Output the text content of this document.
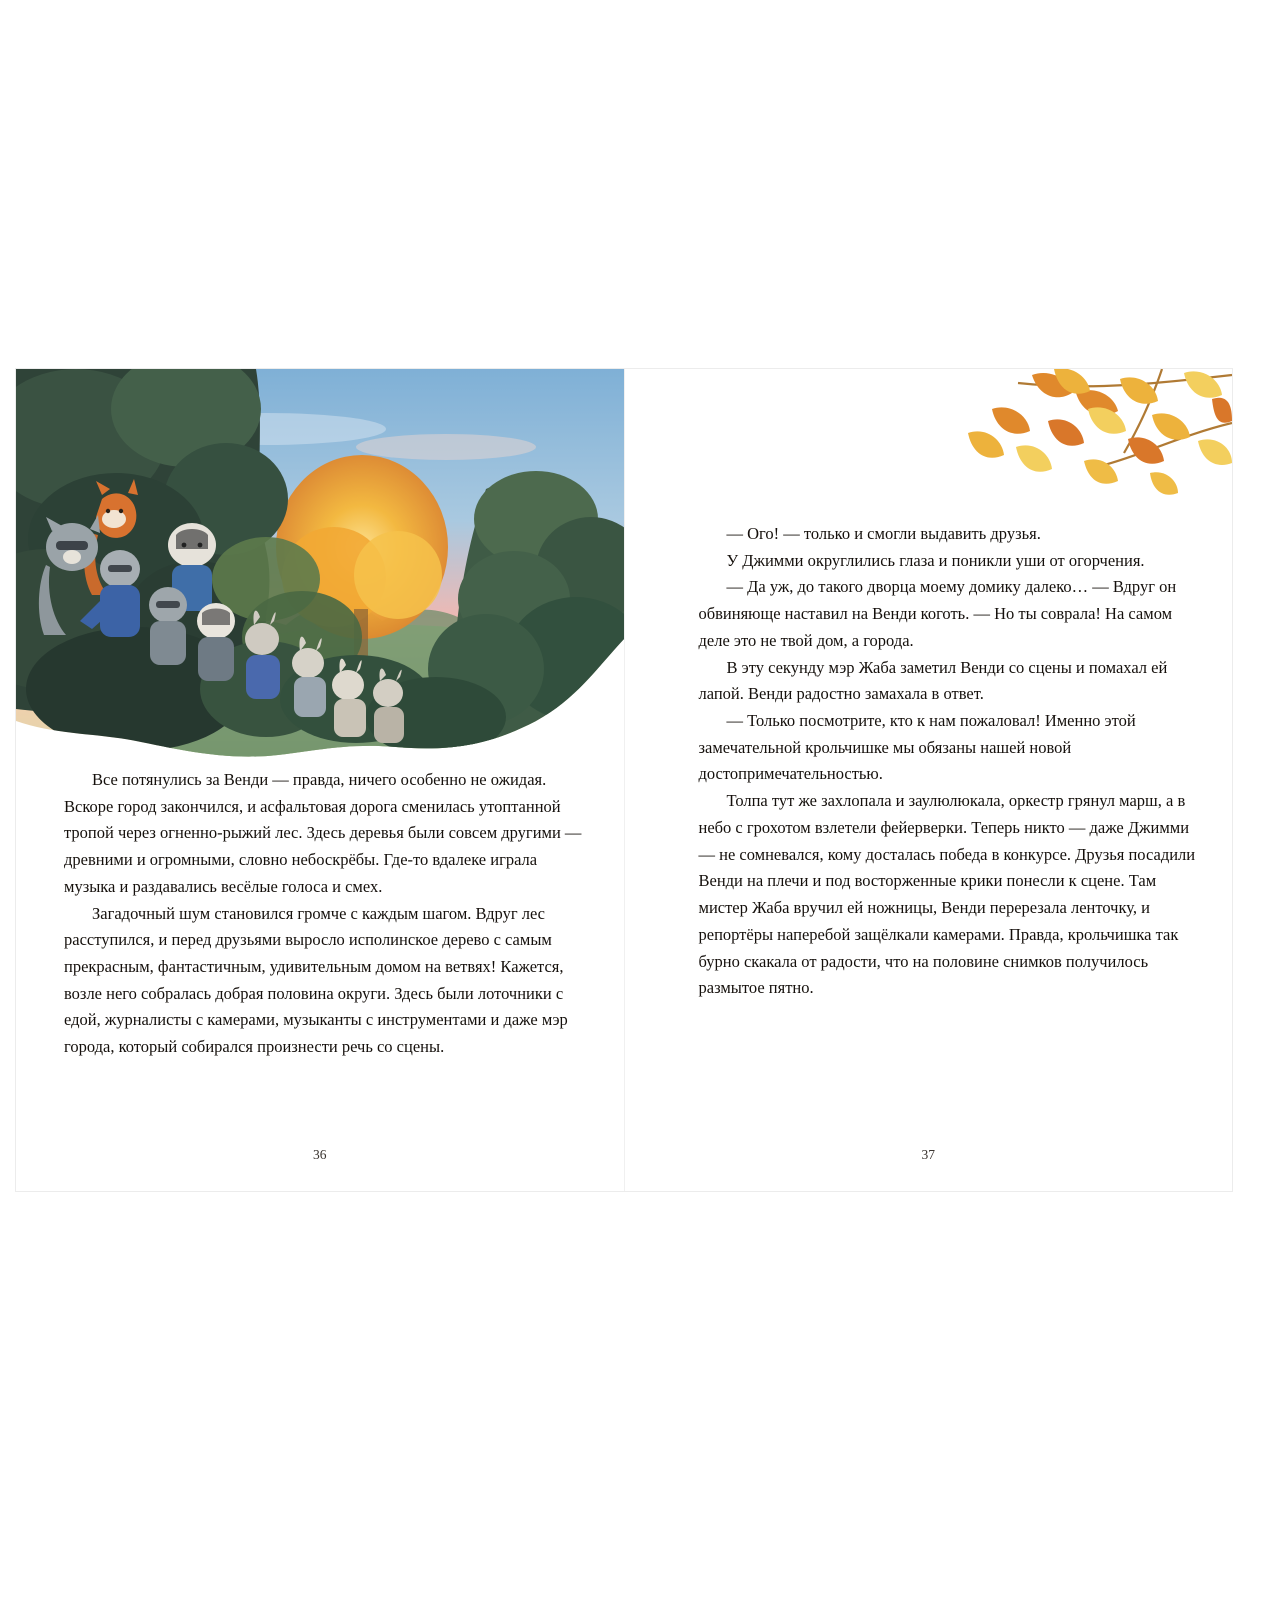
Все потянулись за Венди — правда, ничего особенно не ожидая. Вскоре город закончился, и асфальтовая дорога сменилась утоптанной тропой через огненно-рыжий лес. Здесь деревья были совсем другими — древними и огромными, словно небоскрёбы. Где-то вдалеке играла музыка и раздавались весёлые голоса и смех.

Загадочный шум становился громче с каждым шагом. Вдруг лес расступился, и перед друзьями выросло исполинское дерево с самым прекрасным, фантастичным, удивительным домом на ветвях! Кажется, возле него собралась добрая половина округи. Здесь были лоточники с едой, журналисты с камерами, музыканты с инструментами и даже мэр города, который собирался произнести речь со сцены.

36

— Ого! — только и смогли выдавить друзья.

У Джимми округлились глаза и поникли уши от огорчения.

— Да уж, до такого дворца моему домику далеко… — Вдруг он обвиняюще наставил на Венди коготь. — Но ты соврала! На самом деле это не твой дом, а города.

В эту секунду мэр Жаба заметил Венди со сцены и помахал ей лапой. Венди радостно замахала в ответ.

— Только посмотрите, кто к нам пожаловал! Именно этой замечательной крольчишке мы обязаны нашей новой достопримечательностью.

Толпа тут же захлопала и заулюлюкала, оркестр грянул марш, а в небо с грохотом взлетели фейерверки. Теперь никто — даже Джимми — не сомневался, кому досталась победа в конкурсе. Друзья посадили Венди на плечи и под восторженные крики понесли к сцене. Там мистер Жаба вручил ей ножницы, Венди перерезала ленточку, и репортёры наперебой защёлкали камерами. Правда, крольчишка так бурно скакала от радости, что на половине снимков получилось размытое пятно.

37
